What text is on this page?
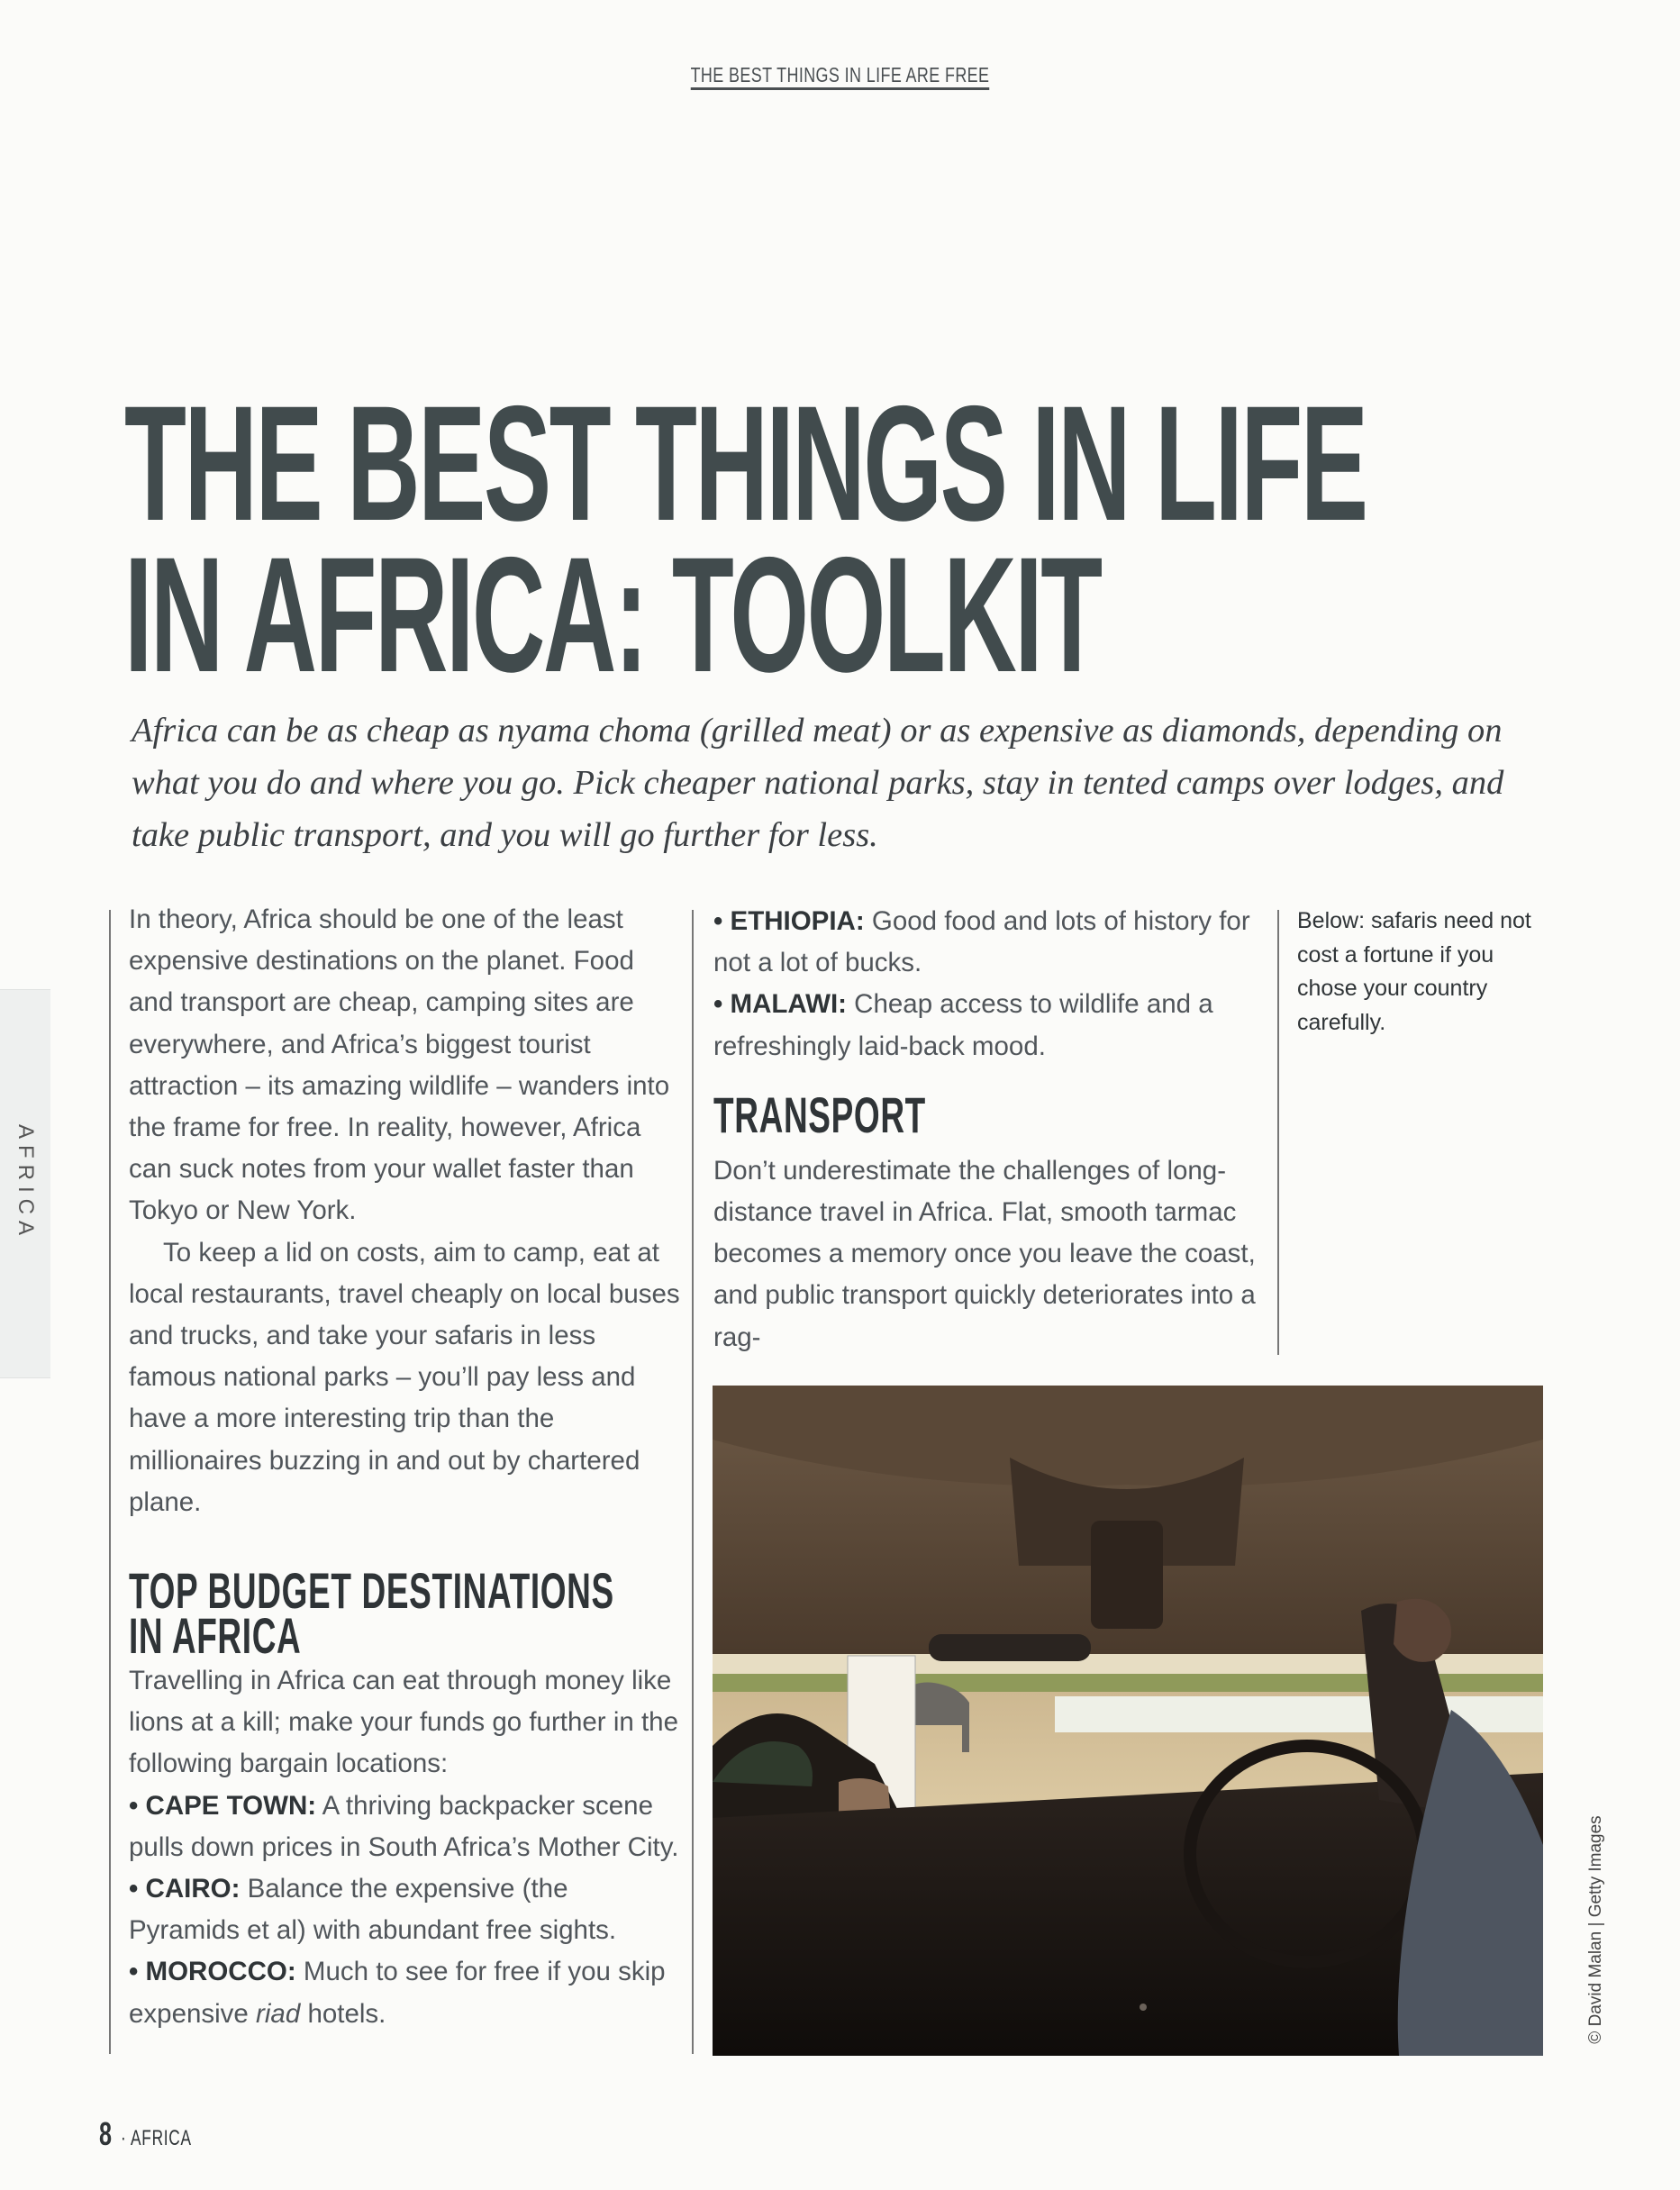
THE BEST THINGS IN LIFE ARE FREE
THE BEST THINGS IN LIFE
IN AFRICA: TOOLKIT

Africa can be as cheap as nyama choma (grilled meat) or as expensive as diamonds, depending on what you do and where you go. Pick cheaper national parks, stay in tented camps over lodges, and take public transport, and you will go further for less.

AFRICA

In theory, Africa should be one of the least expensive destinations on the planet. Food and transport are cheap, camping sites are everywhere, and Africa’s biggest tourist attraction – its amazing wildlife – wanders into the frame for free. In reality, however, Africa can suck notes from your wallet faster than Tokyo or New York.

To keep a lid on costs, aim to camp, eat at local restaurants, travel cheaply on local buses and trucks, and take your safaris in less famous national parks – you’ll pay less and have a more interesting trip than the millionaires buzzing in and out by chartered plane.

TOP BUDGET DESTINATIONS
IN AFRICA

Travelling in Africa can eat through money like lions at a kill; make your funds go further in the following bargain locations:

• CAPE TOWN: A thriving backpacker scene pulls down prices in South Africa’s Mother City.

• CAIRO: Balance the expensive (the Pyramids et al) with abundant free sights.

• MOROCCO: Much to see for free if you skip expensive riad hotels.

• ETHIOPIA: Good food and lots of history for not a lot of bucks.

• MALAWI: Cheap access to wildlife and a refreshingly laid-back mood.

TRANSPORT

Don’t underestimate the challenges of long-distance travel in Africa. Flat, smooth tarmac becomes a memory once you leave the coast, and public transport quickly deteriorates into a rag-

Below: safaris need not cost a fortune if you chose your country carefully.

© David Malan | Getty Images
8 · AFRICA
